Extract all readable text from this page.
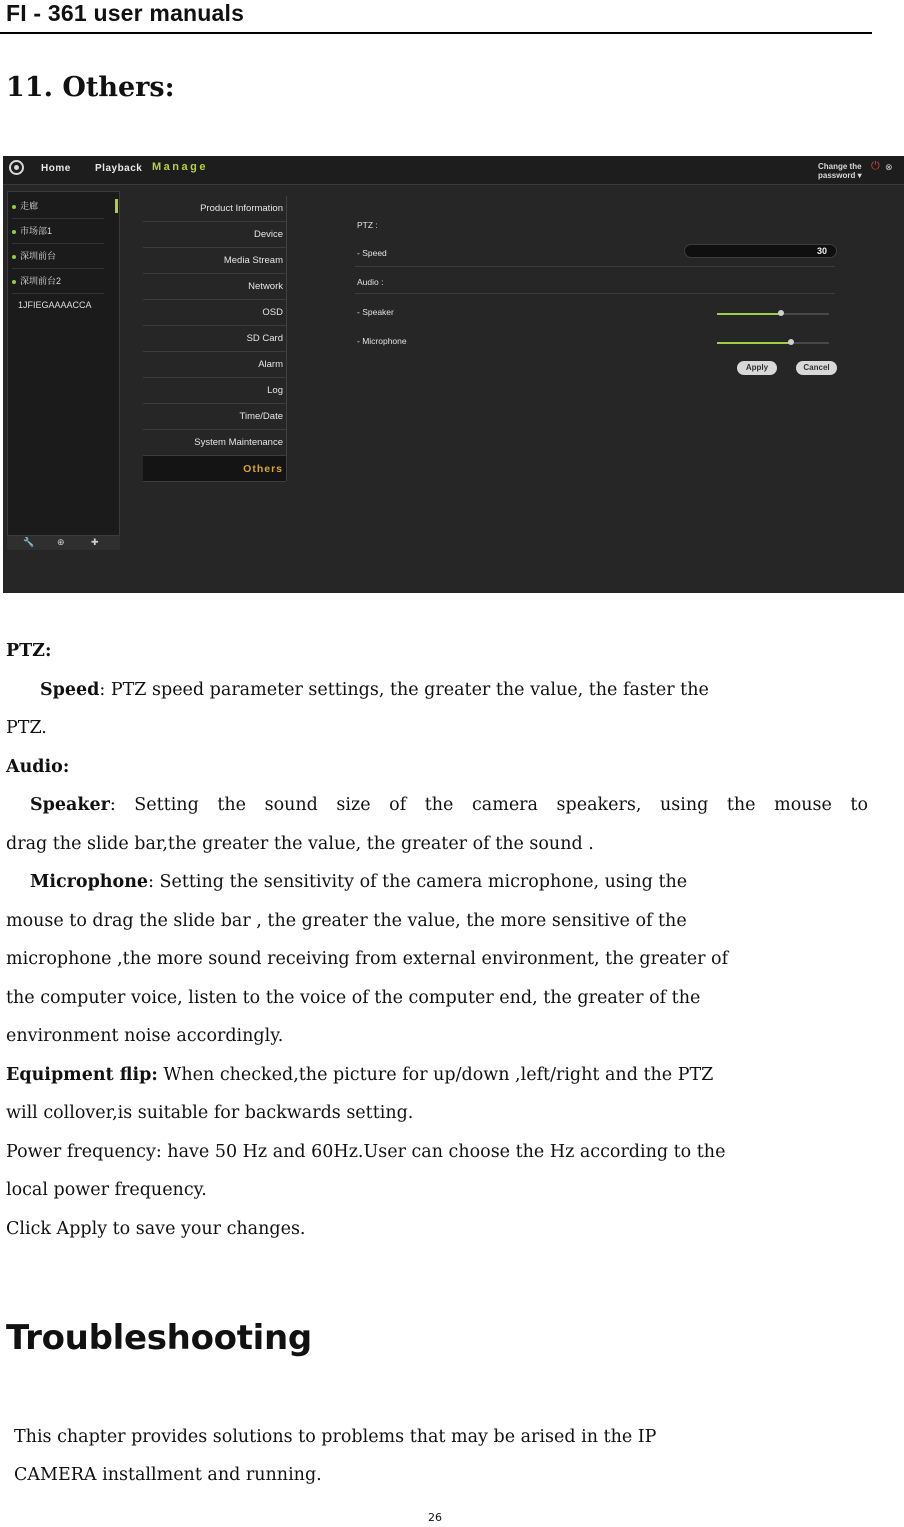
FI - 361 user manuals
11. Others:
Home Playback Manage	Change the
password ▾
⏻ ⊗
走廊
市场部1
深圳前台
深圳前台2
1JFIEGAAAACCA
🔧	⊕	✚
Product Information
Device
Media Stream
Network
OSD
SD Card
Alarm
Log
Time/Date
System Maintenance
Others
PTZ :
- Speed	30
Audio :
- Speaker
- Microphone
Apply	Cancel

PTZ:

Speed: PTZ speed parameter settings, the greater the value, the faster the

PTZ.

Audio:

Speaker: Setting the sound size of the camera speakers, using the mouse to

drag the slide bar,the greater the value, the greater of the sound .

Microphone: Setting the sensitivity of the camera microphone, using the

mouse to drag the slide bar , the greater the value, the more sensitive of the

microphone ,the more sound receiving from external environment, the greater of

the computer voice, listen to the voice of the computer end, the greater of the

environment noise accordingly.

Equipment flip: When checked,the picture for up/down ,left/right and the PTZ

will collover,is suitable for backwards setting.

Power frequency: have 50 Hz and 60Hz.User can choose the Hz according to the

local power frequency.

Click Apply to save your changes.

Troubleshooting
This chapter provides solutions to problems that may be arised in the IP
CAMERA installment and running.
26
